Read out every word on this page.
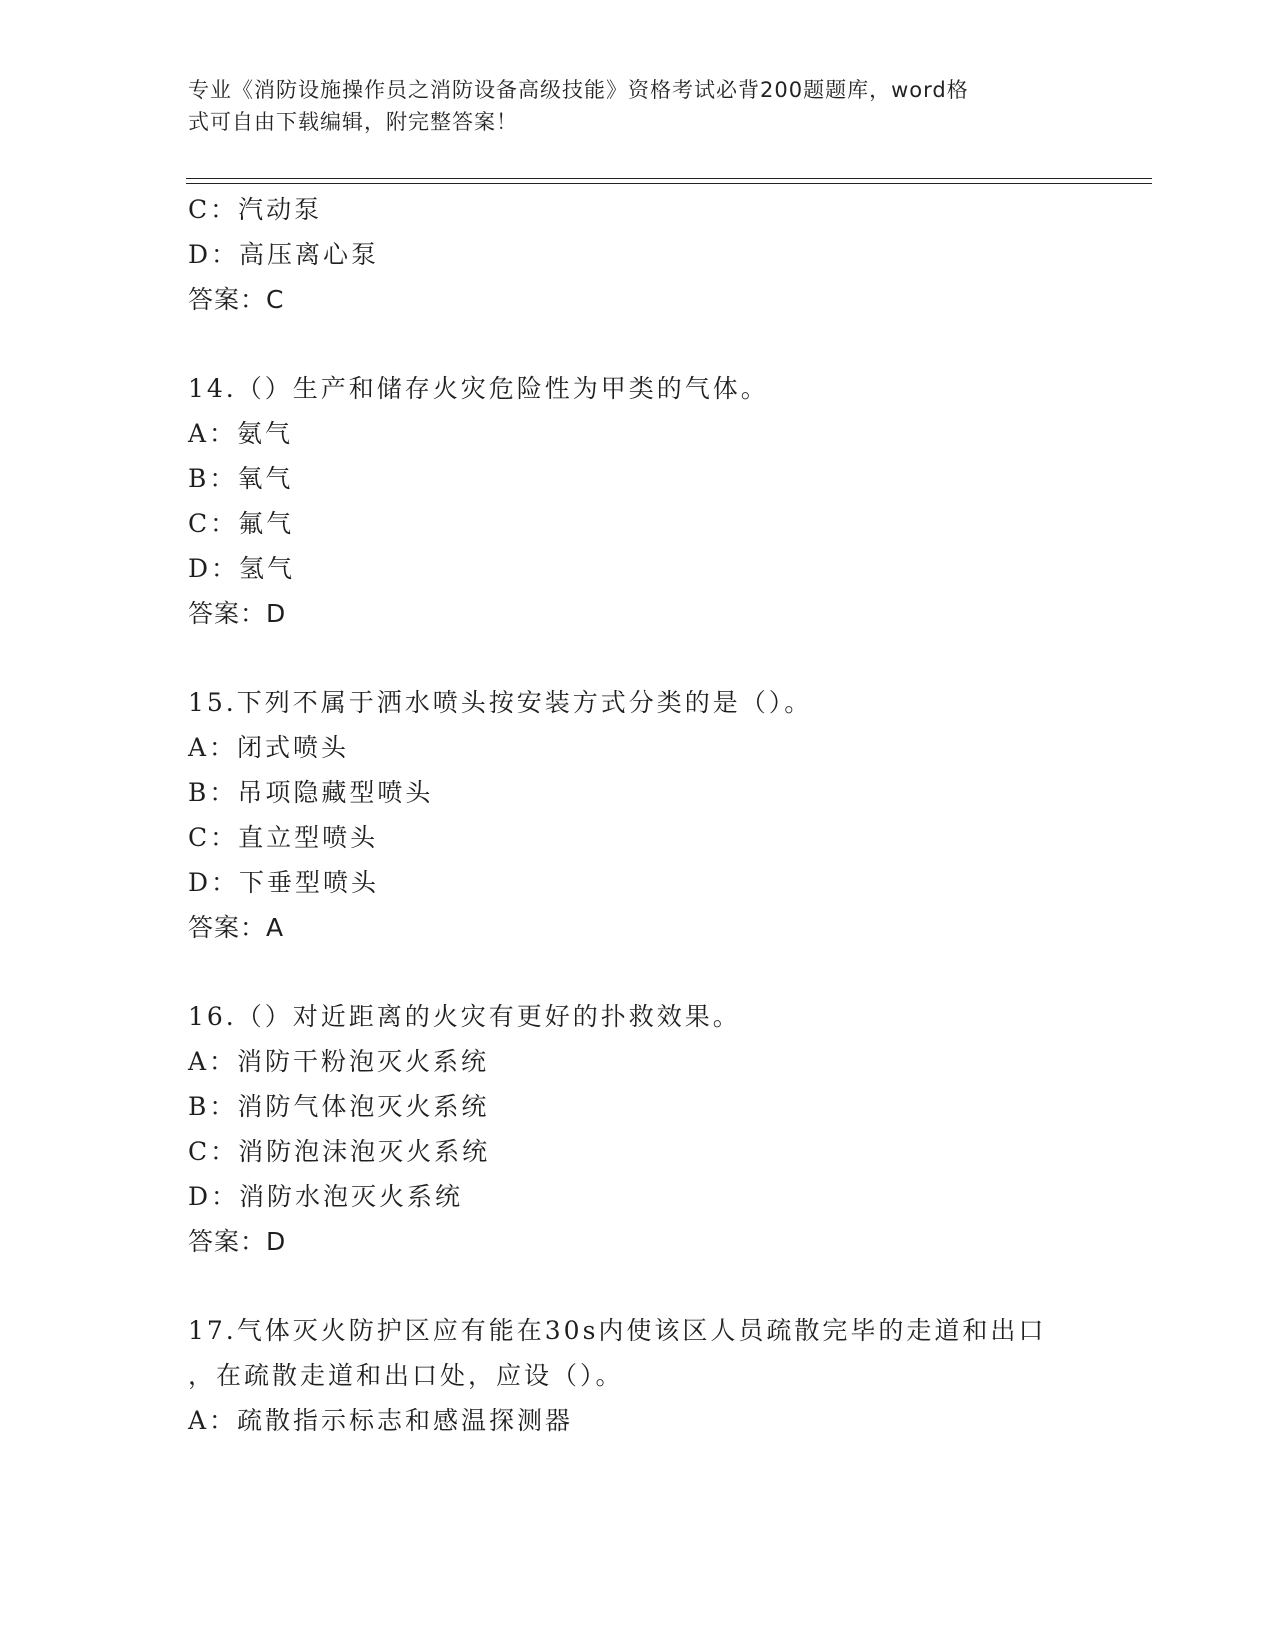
专业《消防设施操作员之消防设备高级技能》资格考试必背200题题库，word格
式可自由下载编辑，附完整答案！
C：汽动泵
D：高压离心泵
答案：C
14.（）生产和储存火灾危险性为甲类的气体。
A：氨气
B：氧气
C：氟气
D：氢气
答案：D
15.下列不属于洒水喷头按安装方式分类的是（）。
A：闭式喷头
B：吊项隐藏型喷头
C：直立型喷头
D：下垂型喷头
答案：A
16.（）对近距离的火灾有更好的扑救效果。
A：消防干粉泡灭火系统
B：消防气体泡灭火系统
C：消防泡沫泡灭火系统
D：消防水泡灭火系统
答案：D
17.气体灭火防护区应有能在30s内使该区人员疏散完毕的走道和出口
，在疏散走道和出口处，应设（）。
A：疏散指示标志和感温探测器
